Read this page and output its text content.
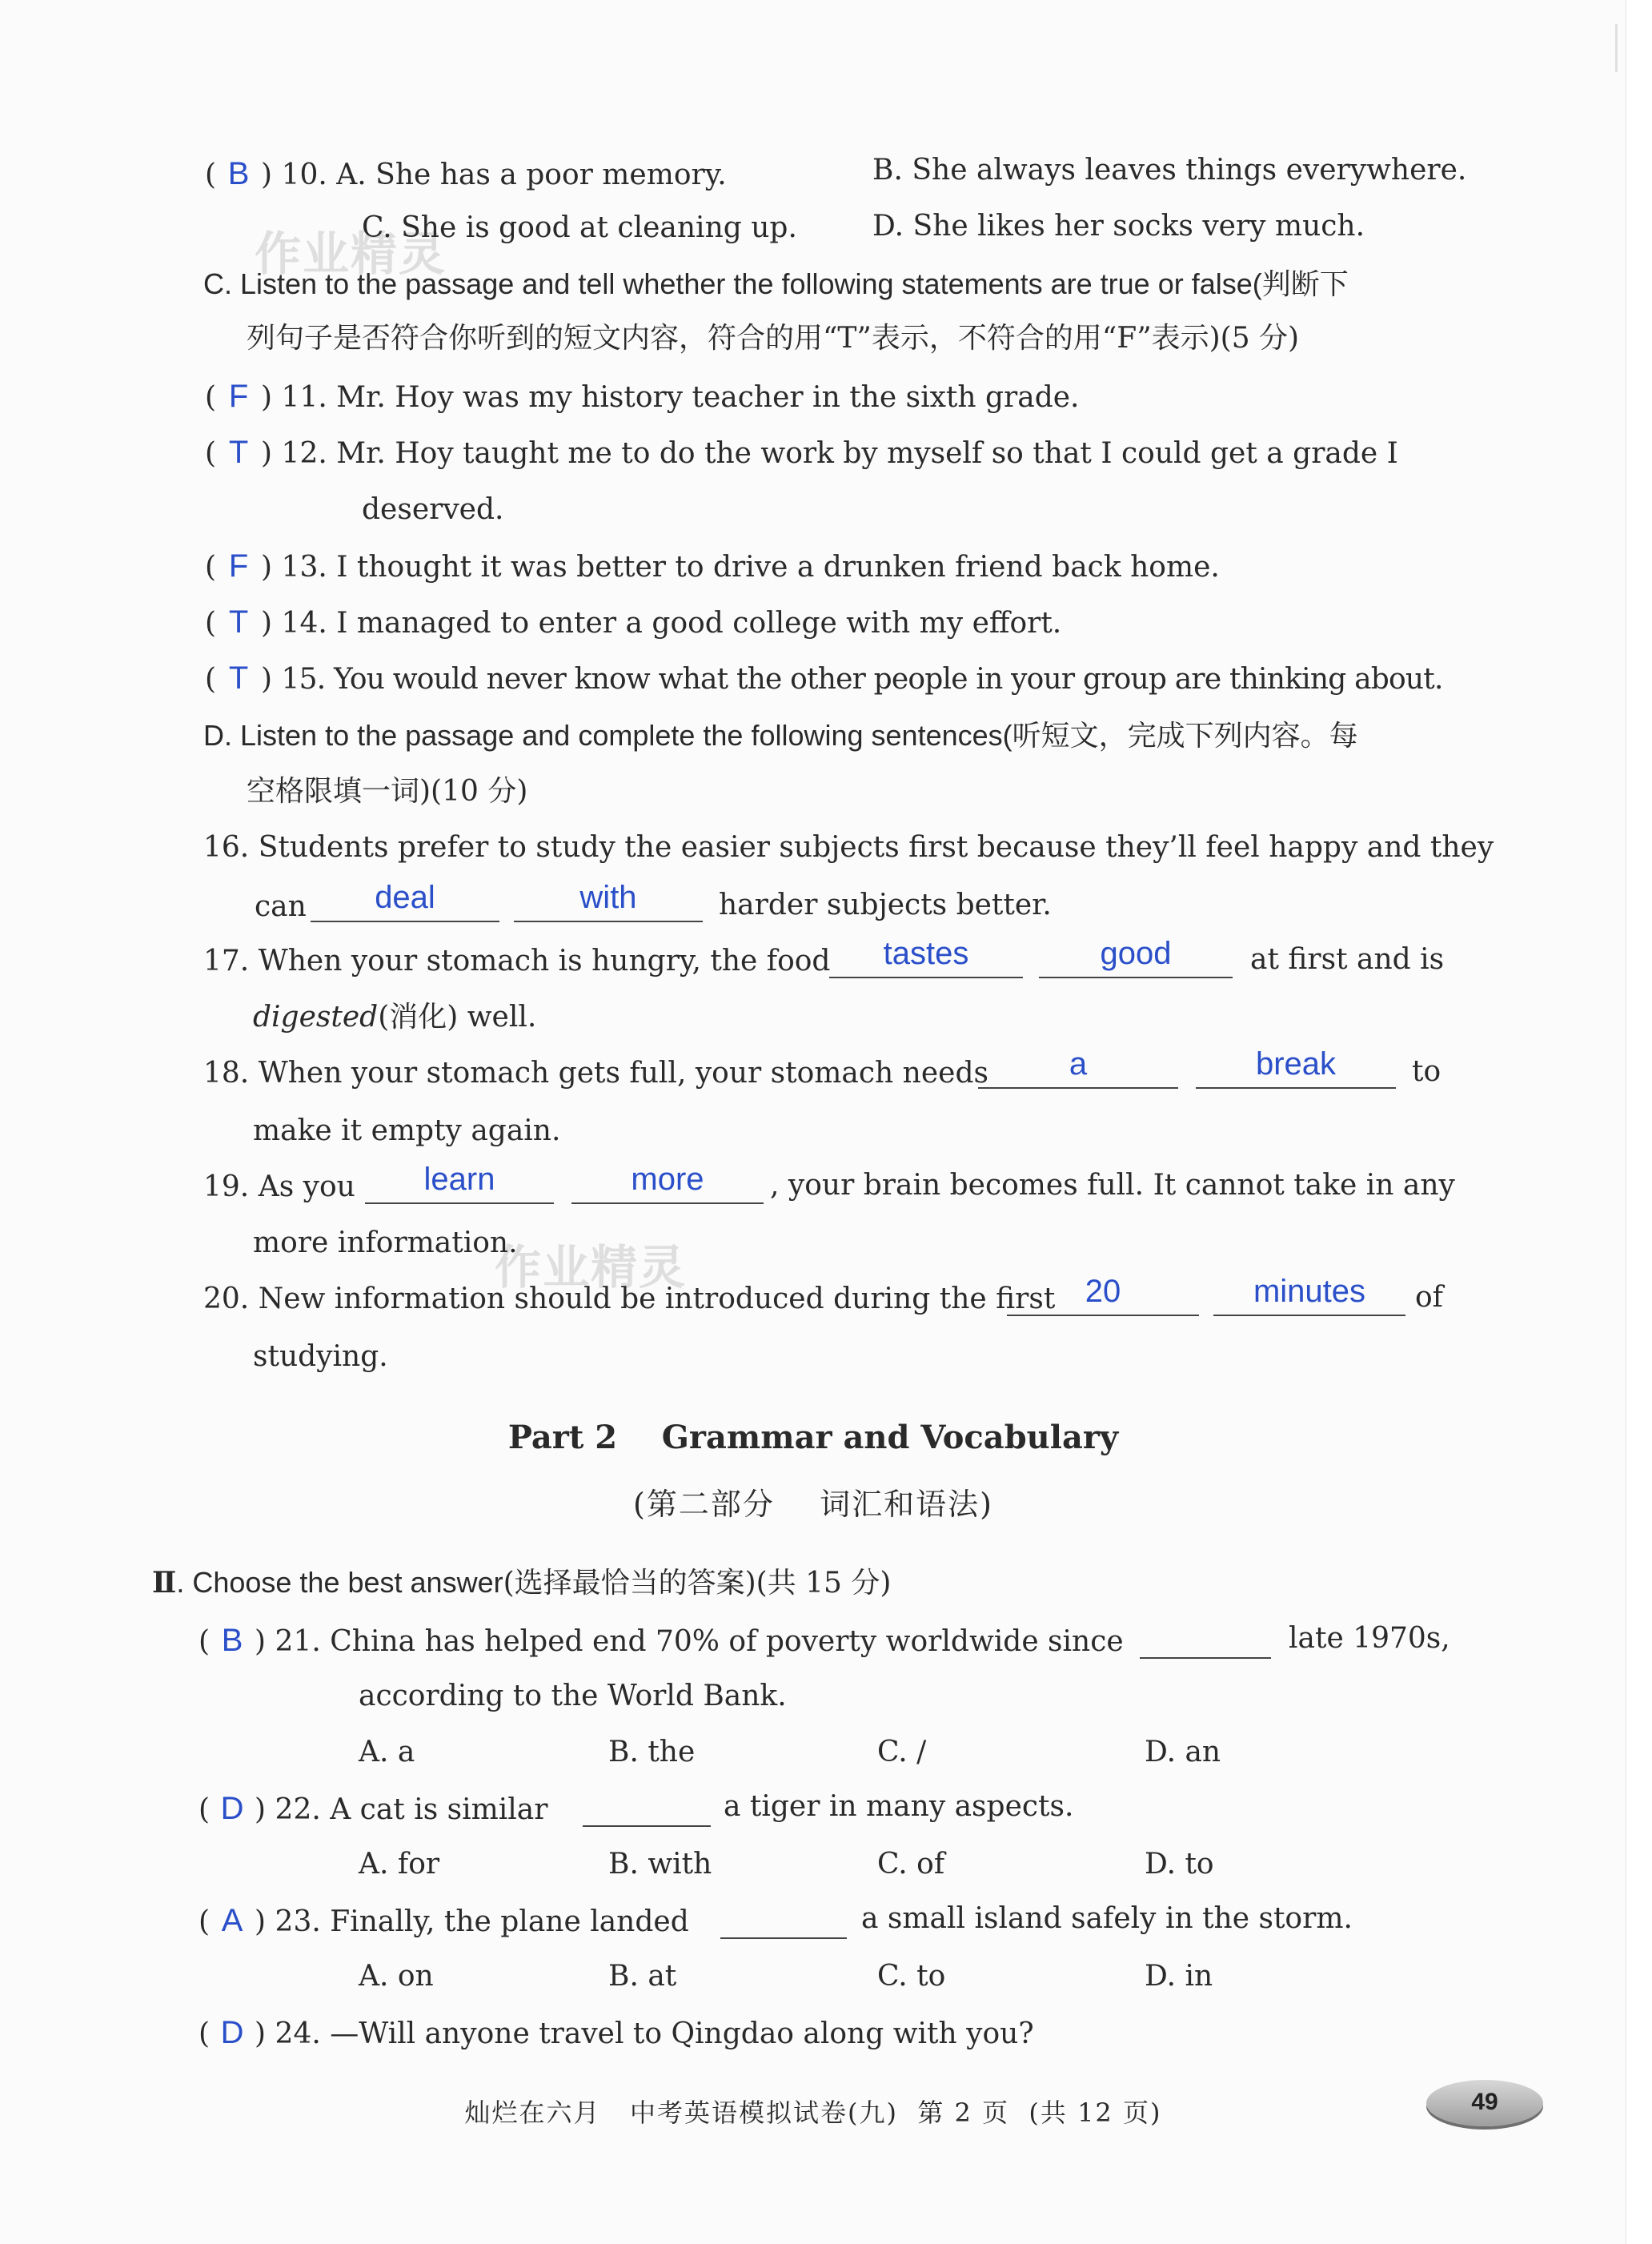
作业精灵
作业精灵
( B ) 10. A. She has a poor memory.	B. She always leaves things everywhere.
C. She is good at cleaning up.	D. She likes her socks very much.
C. Listen to the passage and tell whether the following statements are true or false(判断下
列句子是否符合你听到的短文内容，符合的用“T”表示，不符合的用“F”表示)(5 分)
( F ) 11. Mr. Hoy was my history teacher in the sixth grade.
( T ) 12. Mr. Hoy taught me to do the work by myself so that I could get a grade I
deserved.
( F ) 13. I thought it was better to drive a drunken friend back home.
( T ) 14. I managed to enter a good college with my effort.
( T ) 15. You would never know what the other people in your group are thinking about.
D. Listen to the passage and complete the following sentences(听短文，完成下列内容。每
空格限填一词)(10 分)
16. Students prefer to study the easier subjects first because they’ll feel happy and they
can	deal	with	harder subjects better.
17. When your stomach is hungry, the food	tastes	good	at first and is
digested(消化) well.
18. When your stomach gets full, your stomach needs	a	break	to
make it empty again.
19. As you	learn	more	, your brain becomes full. It cannot take in any
more information.
20. New information should be introduced during the first 20	minutes	of
studying.
Part 2    Grammar and Vocabulary
(第二部分    词汇和语法)
Ⅱ. Choose the best answer(选择最恰当的答案)(共 15 分)
( B ) 21. China has helped end 70% of poverty worldwide since	late 1970s,
according to the World Bank.
A. a	B. the	C. /	D. an
( D ) 22. A cat is similar	a tiger in many aspects.
A. for	B. with	C. of	D. to
( A ) 23. Finally, the plane landed	a small island safely in the storm.
A. on	B. at	C. to	D. in
( D ) 24. —Will anyone travel to Qingdao along with you?
灿烂在六月   中考英语模拟试卷(九)  第 2 页  (共 12 页)	49
